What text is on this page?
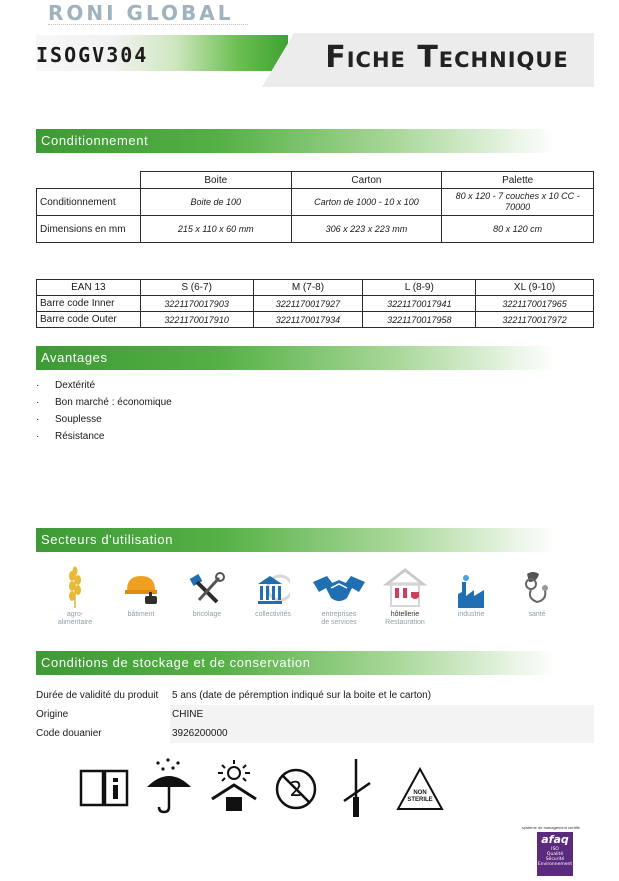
RONI GLOBAL
ISOGV304	Fiche Technique
Conditionnement
	Boite	Carton	Palette
Conditionnement	Boite de 100	Carton de 1000 - 10 x 100	80 x 120 - 7 couches x 10 CC - 70000
Dimensions en mm	215 x 110 x 60 mm	306 x 223 x 223 mm	80 x 120 cm
EAN 13	S (6-7)	M (7-8)	L (8-9)	XL (9-10)
Barre code Inner	3221170017903	3221170017927	3221170017941	3221170017965
Barre code Outer	3221170017910	3221170017934	3221170017958	3221170017972
Avantages
· Dextérité
· Bon marché : économique
· Souplesse
· Résistance
Secteurs d'utilisation
agro-
alimentaire
bâtiment	bricolage	collectivités	entreprises
de services
hôtellerie
Restauration
industrie	santé
Conditions de stockage et de conservation
Durée de validité du produit	5 ans (date de péremption indiqué sur la boite et le carton)
Origine	CHINE
Code douanier	3926200000
2	NON STERILE
système de management certifié
afaq
ISO
Qualité Sécurité Environnement
